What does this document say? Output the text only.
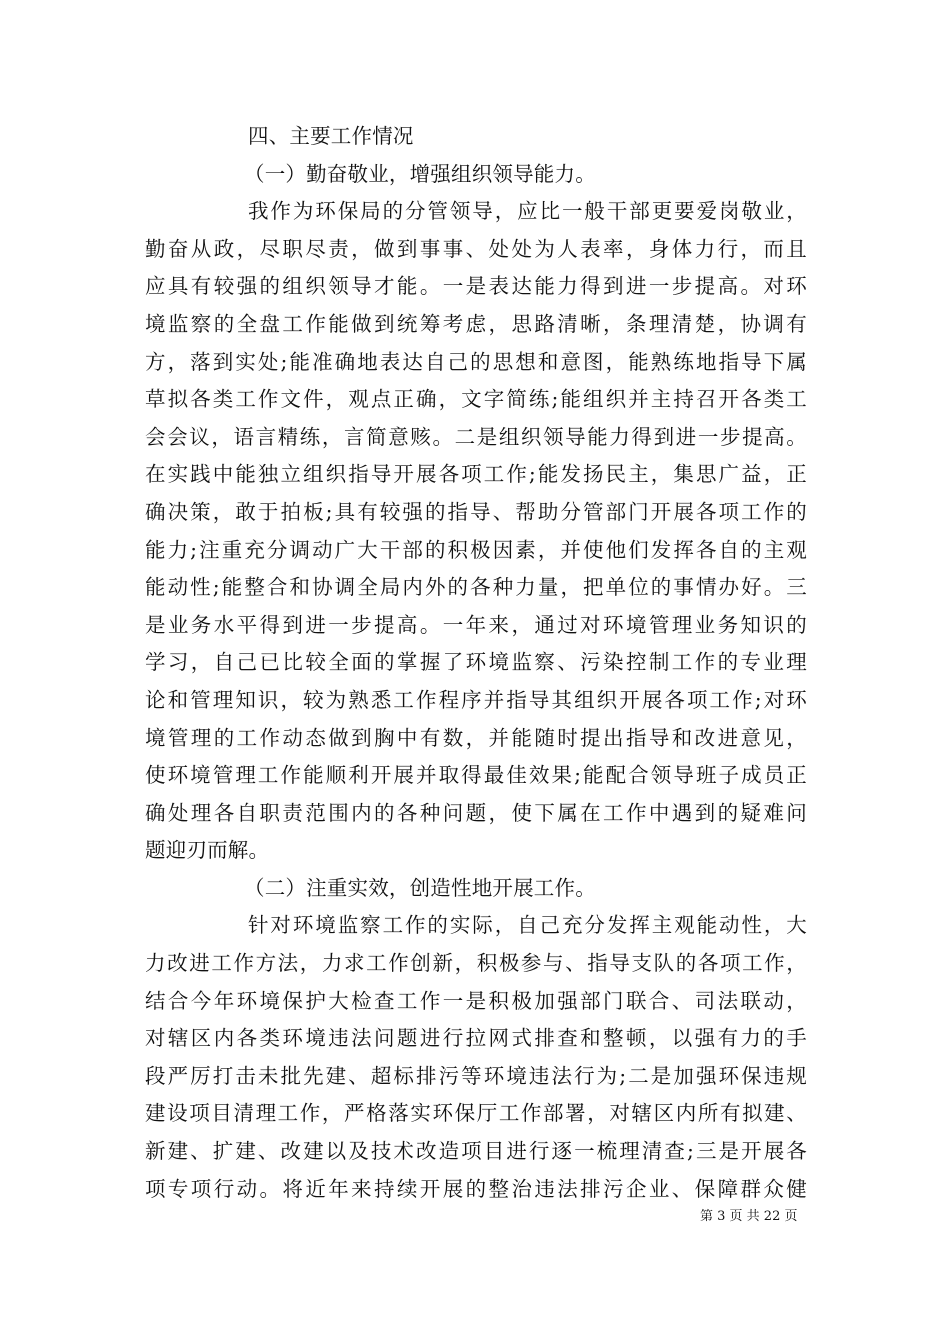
四、主要工作情况
（一）勤奋敬业，增强组织领导能力。
我作为环保局的分管领导，应比一般干部更要爱岗敬业，
勤奋从政，尽职尽责，做到事事、处处为人表率，身体力行，而且
应具有较强的组织领导才能。一是表达能力得到进一步提高。对环
境监察的全盘工作能做到统筹考虑，思路清晰，条理清楚，协调有
方，落到实处;能准确地表达自己的思想和意图，能熟练地指导下属
草拟各类工作文件，观点正确，文字简练;能组织并主持召开各类工
会会议，语言精练，言简意赅。二是组织领导能力得到进一步提高。
在实践中能独立组织指导开展各项工作;能发扬民主，集思广益，正
确决策，敢于拍板;具有较强的指导、帮助分管部门开展各项工作的
能力;注重充分调动广大干部的积极因素，并使他们发挥各自的主观
能动性;能整合和协调全局内外的各种力量，把单位的事情办好。三
是业务水平得到进一步提高。一年来，通过对环境管理业务知识的
学习，自己已比较全面的掌握了环境监察、污染控制工作的专业理
论和管理知识，较为熟悉工作程序并指导其组织开展各项工作;对环
境管理的工作动态做到胸中有数，并能随时提出指导和改进意见，
使环境管理工作能顺利开展并取得最佳效果;能配合领导班子成员正
确处理各自职责范围内的各种问题，使下属在工作中遇到的疑难问
题迎刃而解。
（二）注重实效，创造性地开展工作。
针对环境监察工作的实际，自己充分发挥主观能动性，大
力改进工作方法，力求工作创新，积极参与、指导支队的各项工作，
结合今年环境保护大检查工作一是积极加强部门联合、司法联动，
对辖区内各类环境违法问题进行拉网式排查和整顿，以强有力的手
段严厉打击未批先建、超标排污等环境违法行为;二是加强环保违规
建设项目清理工作，严格落实环保厅工作部署，对辖区内所有拟建、
新建、扩建、改建以及技术改造项目进行逐一梳理清查;三是开展各
项专项行动。将近年来持续开展的整治违法排污企业、保障群众健
第 3 页 共 22 页
